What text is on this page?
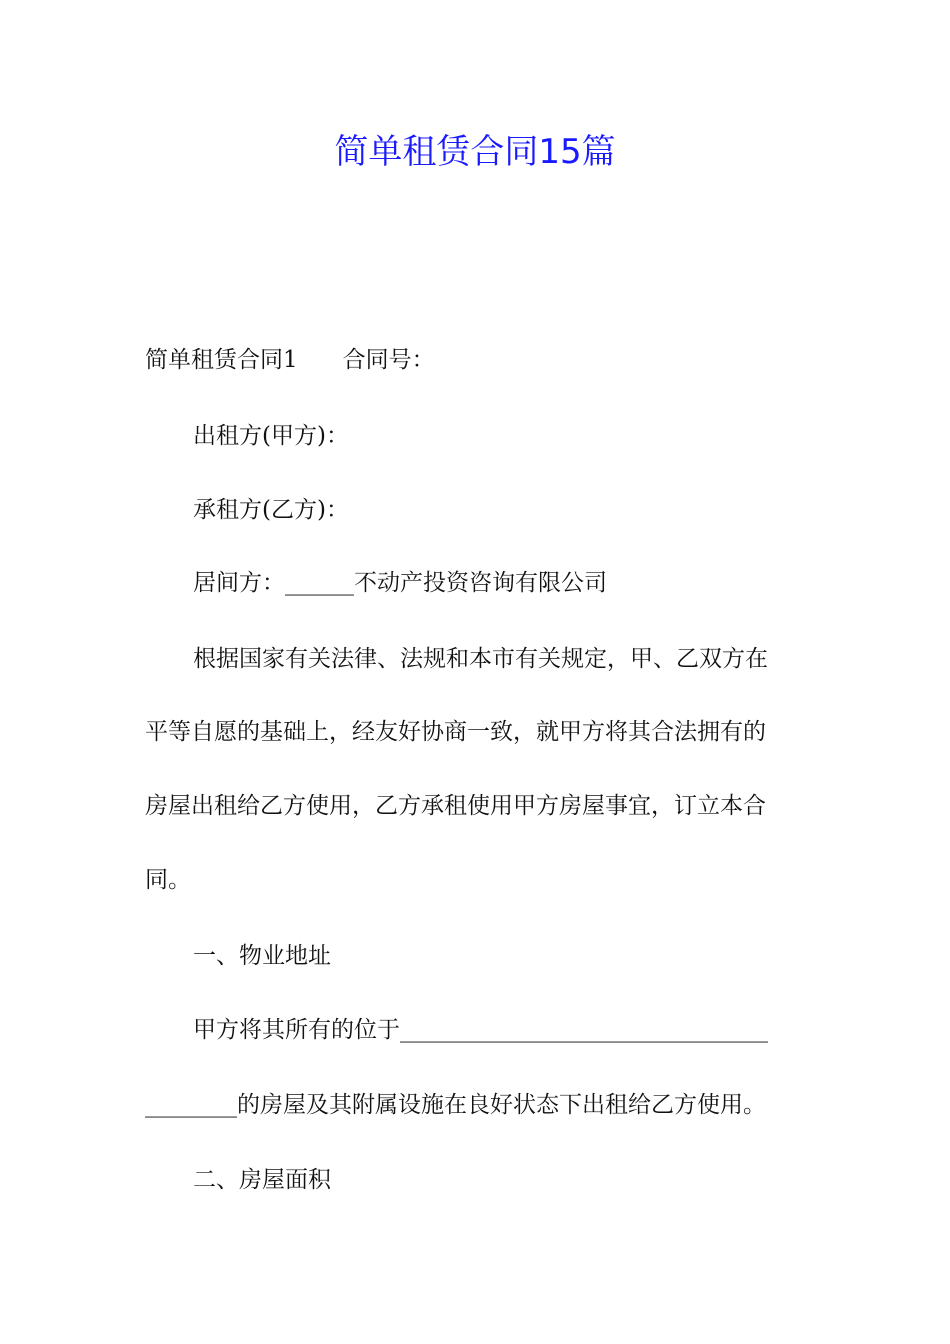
简单租赁合同15篇
简单租赁合同1 合同号：
出租方(甲方)：
承租方(乙方)：
居间方：______不动产投资咨询有限公司
根据国家有关法律、法规和本市有关规定，甲、乙双方在
平等自愿的基础上，经友好协商一致，就甲方将其合法拥有的
房屋出租给乙方使用，乙方承租使用甲方房屋事宜，订立本合
同。
一、物业地址
甲方将其所有的位于________________________________
________的房屋及其附属设施在良好状态下出租给乙方使用。
二、房屋面积
